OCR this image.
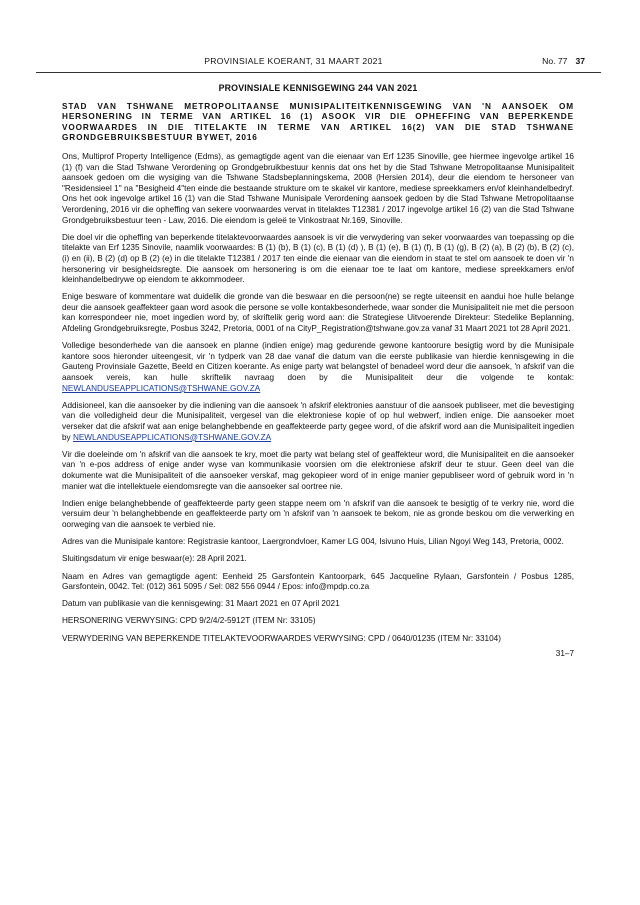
PROVINSIALE KOERANT, 31 MAART 2021	No. 77 37
PROVINSIALE KENNISGEWING 244 VAN 2021
STAD VAN TSHWANE METROPOLITAANSE MUNISIPALITEITKENNISGEWING VAN 'N AANSOEK OM HERSONERING IN TERME VAN ARTIKEL 16 (1) ASOOK VIR DIE OPHEFFING VAN BEPERKENDE VOORWAARDES IN DIE TITELAKTE IN TERME VAN ARTIKEL 16(2) VAN DIE STAD TSHWANE GRONDGEBRUIKSBESTUUR BYWET, 2016

Ons, Multiprof Property Intelligence (Edms), as gemagtigde agent van die eienaar van Erf 1235 Sinoville, gee hiermee ingevolge artikel 16 (1) (f) van die Stad Tshwane Verordening op Grondgebruikbestuur kennis dat ons het by die Stad Tshwane Metropolitaanse Munisipaliteit aansoek gedoen om die wysiging van die Tshwane Stadsbeplanningskema, 2008 (Hersien 2014), deur die eiendom te hersoneer van "Residensieel 1" na "Besigheid 4"ten einde die bestaande strukture om te skakel vir kantore, mediese spreekkamers en/of kleinhandelbedryf. Ons het ook ingevolge artikel 16 (1) van die Stad Tshwane Munisipale Verordening aansoek gedoen by die Stad Tshwane Metropolitaanse Verordening, 2016 vir die opheffing van sekere voorwaardes vervat in titelaktes T12381 / 2017 ingevolge artikel 16 (2) van die Stad Tshwane Grondgebruiksbestuur teen - Law, 2016. Die eiendom is geleë te Vinkostraat Nr.169, Sinoville.

Die doel vir die opheffing van beperkende titelaktevoorwaardes aansoek is vir die verwydering van seker voorwaardes van toepassing op die titelakte van Erf 1235 Sinovile, naamlik voorwaardes: B (1) (b), B (1) (c), B (1) (d) ), B (1) (e), B (1) (f), B (1) (g), B (2) (a), B (2) (b), B (2) (c), (i) en (ii), B (2) (d) op B (2) (e) in die titelakte T12381 / 2017 ten einde die eienaar van die eiendom in staat te stel om aansoek te doen vir 'n hersonering vir besigheidsregte. Die aansoek om hersonering is om die eienaar toe te laat om kantore, mediese spreekkamers en/of kleinhandelbedrywe op eiendom te akkommodeer.

Enige besware of kommentare wat duidelik die gronde van die beswaar en die persoon(ne) se regte uiteensit en aandui hoe hulle belange deur die aansoek geaffekteer gaan word asook die persone se volle kontakbesonderhede, waar sonder die Munisipaliteit nie met die persoon kan korrespondeer nie, moet ingedien word by, of skriftelik gerig word aan: die Strategiese Uitvoerende Direkteur: Stedelike Beplanning, Afdeling Grondgebruiksregte, Posbus 3242, Pretoria, 0001 of na CityP_Registration@tshwane.gov.za vanaf 31 Maart 2021 tot 28 April 2021.

Volledige besonderhede van die aansoek en planne (indien enige) mag gedurende gewone kantoorure besigtig word by die Munisipale kantore soos hieronder uiteengesit, vir 'n tydperk van 28 dae vanaf die datum van die eerste publikasie van hierdie kennisgewing in die Gauteng Provinsiale Gazette, Beeld en Citizen koerante. As enige party wat belangstel of benadeel word deur die aansoek, 'n afskrif van die aansoek vereis, kan hulle skriftelik navraag doen by die Munisipaliteit deur die volgende te kontak: NEWLANDUSEAPPLICATIONS@TSHWANE.GOV.ZA

Addisioneel, kan die aansoeker by die indiening van die aansoek 'n afskrif elektronies aanstuur of die aansoek publiseer, met die bevestiging van die volledigheid deur die Munisipaliteit, vergesel van die elektroniese kopie of op hul webwerf, indien enige. Die aansoeker moet verseker dat die afskrif wat aan enige belanghebbende en geaffekteerde party gegee word, of die afskrif word aan die Munisipaliteit ingedien by NEWLANDUSEAPPLICATIONS@TSHWANE.GOV.ZA

Vir die doeleinde om 'n afskrif van die aansoek te kry, moet die party wat belang stel of geaffekteur word, die Munisipaliteit en die aansoeker van 'n e-pos address of enige ander wyse van kommunikasie voorsien om die elektroniese afskrif deur te stuur. Geen deel van die dokumente wat die Munisipaliteit of die aansoeker verskaf, mag gekopieer word of in enige manier gepubliseer word of gebruik word in 'n manier wat die intellektuele eiendomsregte van die aansoeker sal oortree nie.

Indien enige belanghebbende of geaffekteerde party geen stappe neem om 'n afskrif van die aansoek te besigtig of te verkry nie, word die versuim deur 'n belanghebbende en geaffekteerde party om 'n afskrif van 'n aansoek te bekom, nie as gronde beskou om die verwerking en oorweging van die aansoek te verbied nie.

Adres van die Munisipale kantore: Registrasie kantoor, Laergrondvloer, Kamer LG 004, Isivuno Huis, Lilian Ngoyi Weg 143, Pretoria, 0002.

Sluitingsdatum vir enige beswaar(e): 28 April 2021.

Naam en Adres van gemagtigde agent: Eenheid 25 Garsfontein Kantoorpark, 645 Jacqueline Rylaan, Garsfontein / Posbus 1285, Garsfontein, 0042. Tel: (012) 361 5095 / Sel: 082 556 0944 / Epos: info@mpdp.co.za

Datum van publikasie van die kennisgewing: 31 Maart 2021 en 07 April 2021

HERSONERING VERWYSING: CPD 9/2/4/2-5912T (ITEM Nr: 33105)

VERWYDERING VAN BEPERKENDE TITELAKTEVOORWAARDES VERWYSING: CPD / 0640/01235 (ITEM Nr: 33104)

31–7
